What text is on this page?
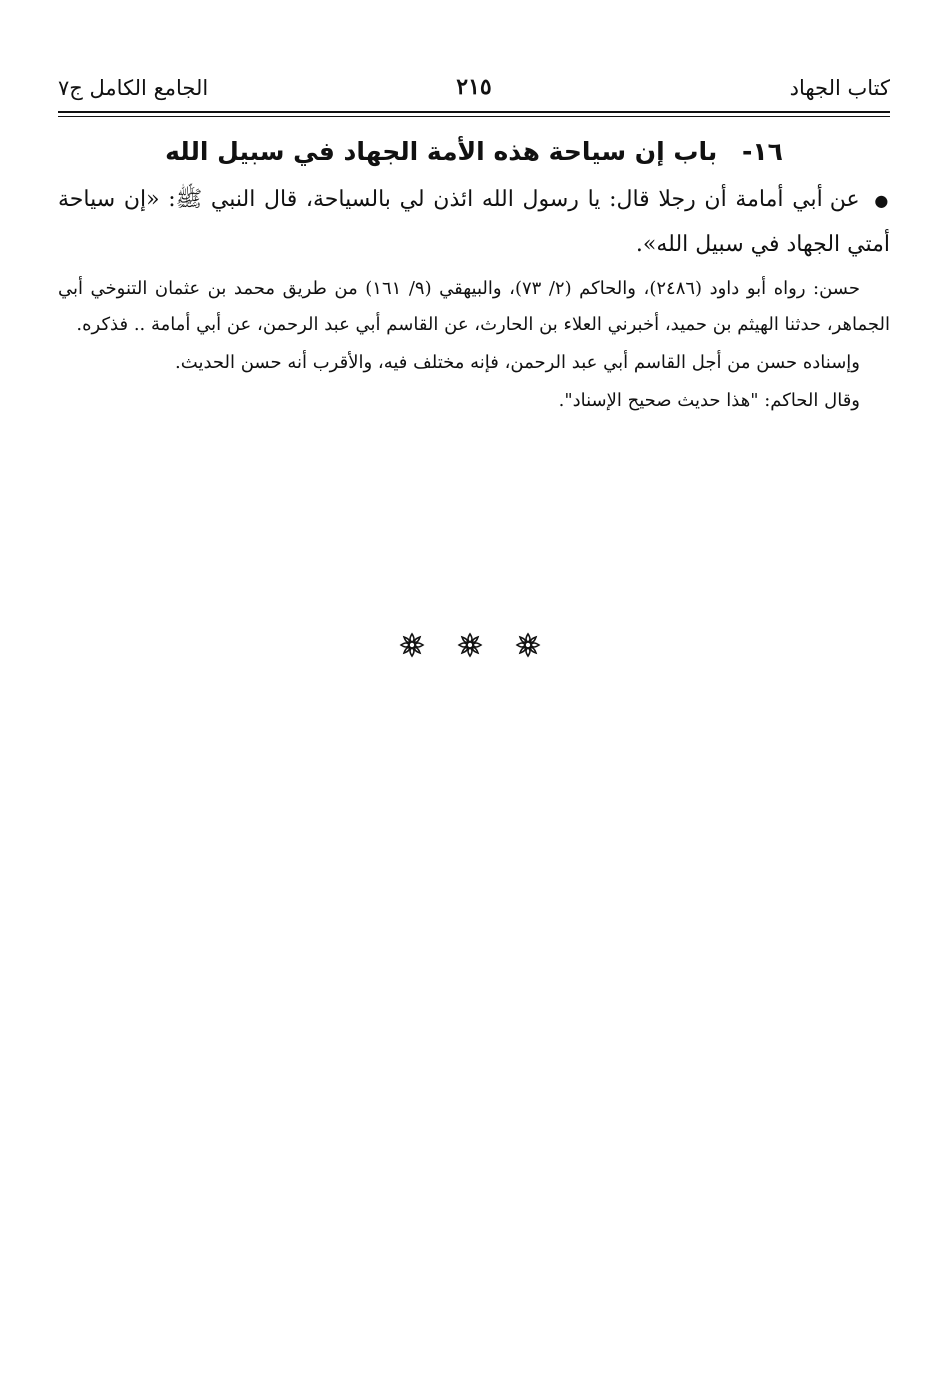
كتاب الجهاد
٢١٥
الجامع الكامل ج٧
١٦- باب إن سياحة هذه الأمة الجهاد في سبيل الله

● عن أبي أمامة أن رجلا قال: يا رسول الله ائذن لي بالسياحة، قال النبي ﷺ: «إن سياحة أمتي الجهاد في سبيل الله».

حسن: رواه أبو داود (٢٤٨٦)، والحاكم (٢/ ٧٣)، والبيهقي (٩/ ١٦١) من طريق محمد بن عثمان التنوخي أبي الجماهر، حدثنا الهيثم بن حميد، أخبرني العلاء بن الحارث، عن القاسم أبي عبد الرحمن، عن أبي أمامة .. فذكره.

وإسناده حسن من أجل القاسم أبي عبد الرحمن، فإنه مختلف فيه، والأقرب أنه حسن الحديث.

وقال الحاكم: "هذا حديث صحيح الإسناد".
